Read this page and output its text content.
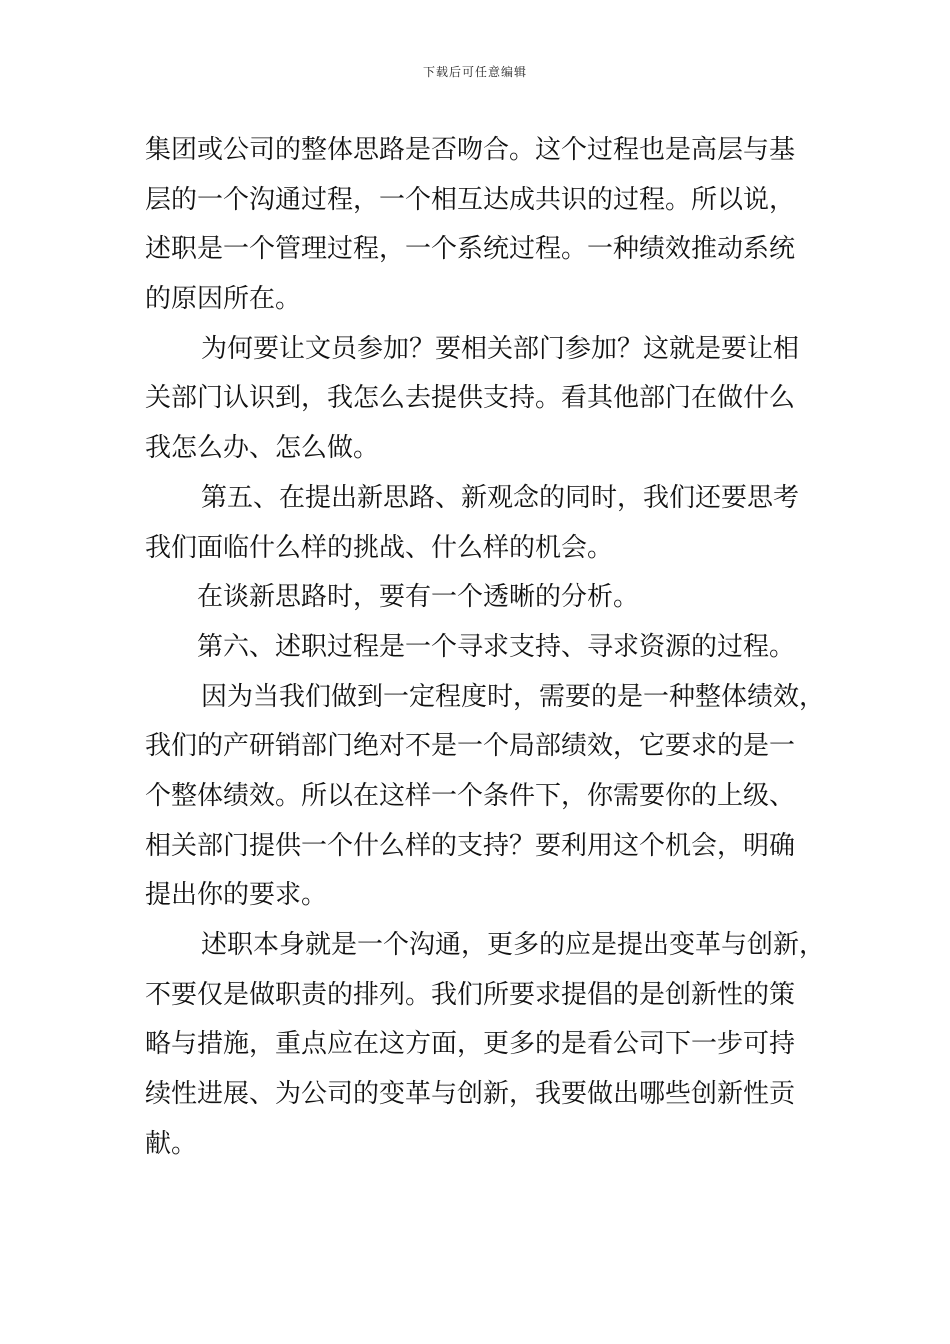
下载后可任意编辑
集团或公司的整体思路是否吻合。这个过程也是高层与基
层的一个沟通过程，一个相互达成共识的过程。所以说，
述职是一个管理过程，一个系统过程。一种绩效推动系统
的原因所在。
为何要让文员参加？要相关部门参加？这就是要让相
关部门认识到，我怎么去提供支持。看其他部门在做什么
我怎么办、怎么做。
第五、在提出新思路、新观念的同时，我们还要思考
我们面临什么样的挑战、什么样的机会。
在谈新思路时，要有一个透晰的分析。
第六、述职过程是一个寻求支持、寻求资源的过程。
因为当我们做到一定程度时，需要的是一种整体绩效，
我们的产研销部门绝对不是一个局部绩效，它要求的是一
个整体绩效。所以在这样一个条件下，你需要你的上级、
相关部门提供一个什么样的支持？要利用这个机会，明确
提出你的要求。
述职本身就是一个沟通，更多的应是提出变革与创新，
不要仅是做职责的排列。我们所要求提倡的是创新性的策
略与措施，重点应在这方面，更多的是看公司下一步可持
续性进展、为公司的变革与创新，我要做出哪些创新性贡
献。
